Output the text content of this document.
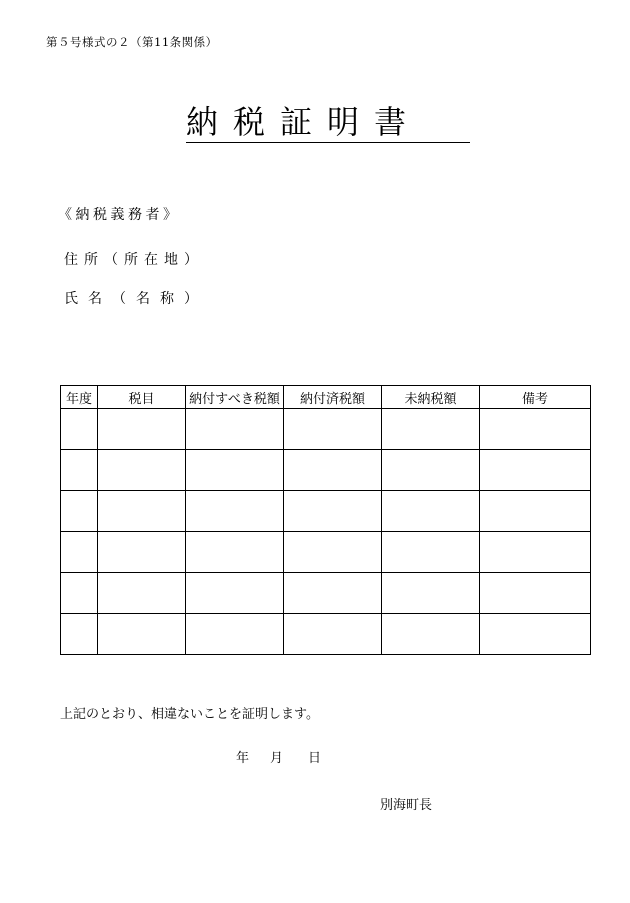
第５号様式の２（第11条関係）
納税証明書
《納税義務者》
住所（所在地）
氏名（名称）
年度	税目	納付すべき税額	納付済税額	未納税額	備考

上記のとおり、相違ないことを証明します。
年 月 日
別海町長
